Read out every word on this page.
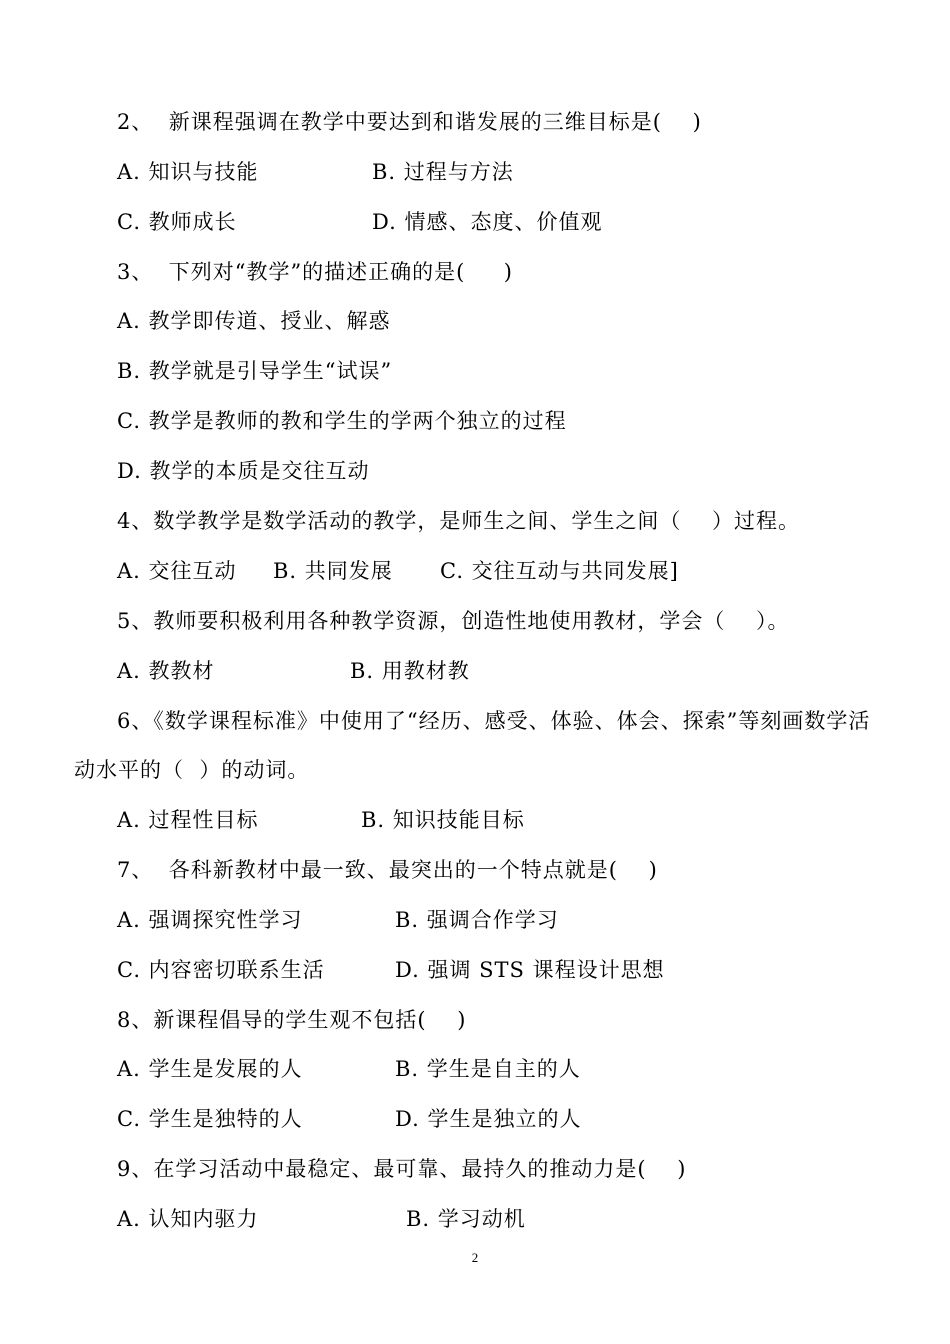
2、  新课程强调在教学中要达到和谐发展的三维目标是(    )
A. 知识与技能	B. 过程与方法
C. 教师成长	D. 情感、态度、价值观
3、  下列对“教学”的描述正确的是(     )
A. 教学即传道、授业、解惑
B. 教学就是引导学生“试误”
C. 教学是教师的教和学生的学两个独立的过程
D. 教学的本质是交往互动
4、数学教学是数学活动的教学，是师生之间、学生之间（    ）过程。
A. 交往互动 B. 共同发展 C. 交往互动与共同发展]
5、教师要积极利用各种教学资源，创造性地使用教材，学会（    ）。
A. 教教材	B. 用教材教
6、《数学课程标准》中使用了“经历、感受、体验、体会、探索”等刻画数学活
动水平的（  ）的动词。
A. 过程性目标	B. 知识技能目标
7、  各科新教材中最一致、最突出的一个特点就是(    )
A. 强调探究性学习	B. 强调合作学习
C. 内容密切联系生活	D. 强调 STS 课程设计思想
8、新课程倡导的学生观不包括(    )
A. 学生是发展的人	B. 学生是自主的人
C. 学生是独特的人	D. 学生是独立的人
9、在学习活动中最稳定、最可靠、最持久的推动力是(    )
A. 认知内驱力	B. 学习动机
2
